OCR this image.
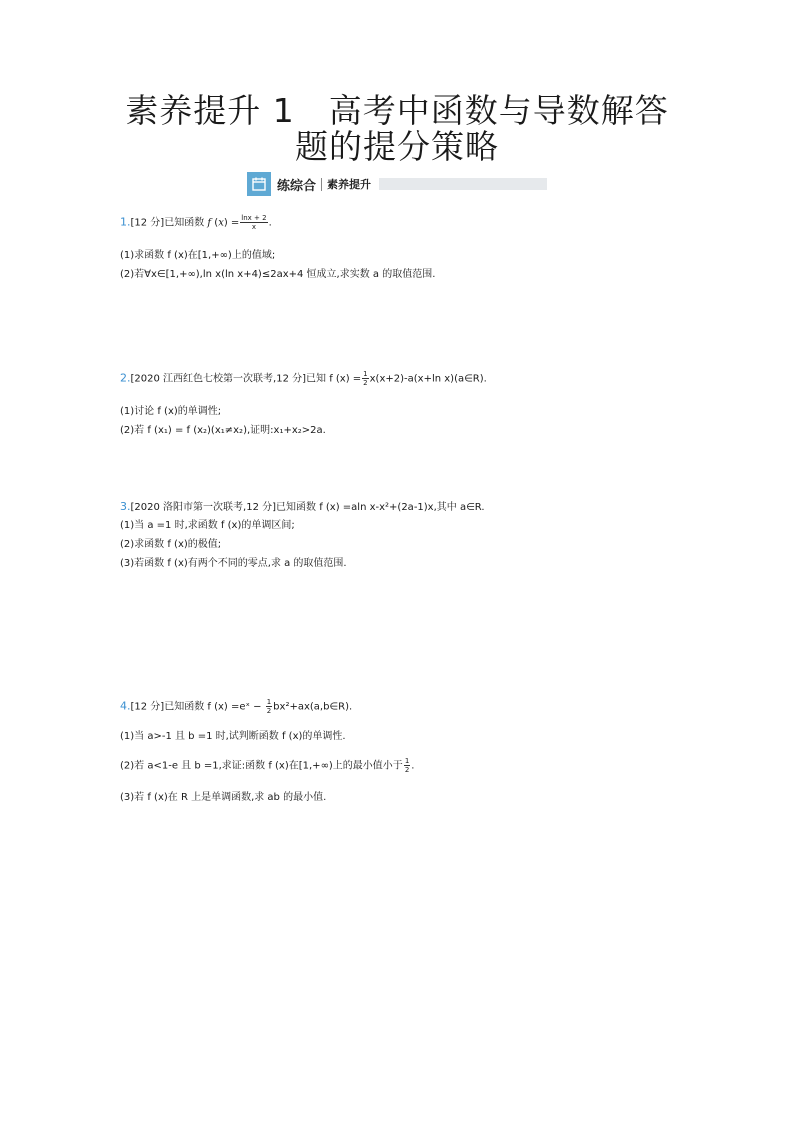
素养提升 1　高考中函数与导数解答
题的提分策略
练综合 素养提升
1.[12 分]已知函数 f $(x) = \frac{\ln x + 2}{x}$ .
(1)求函数 f (x)在[1,+∞)上的值域;
(2)若∀x∈[1,+∞),ln x(ln x+4)≤2ax+4 恒成立,求实数 a 的取值范围.
2.[2020 江西红色七校第一次联考,12 分]已知 f $(x) = \frac{1}{2} x(x+2)-a(x+\ln$ x)(a∈R).
(1)讨论 f (x)的单调性;
(2)若 f (x₁) = f (x₂)(x₁≠x₂),证明:x₁+x₂>2a.
3.[2020 洛阳市第一次联考,12 分]已知函数 f (x) =aln x-x²+(2a-1)x,其中 a∈R.
(1)当 a =1 时,求函数 f (x)的单调区间;
(2)求函数 f (x)的极值;
(3)若函数 f (x)有两个不同的零点,求 a 的取值范围.
4.[12 分]已知函数 f (x) =eˣ − $\frac{1}{2}$ bx²+ax(a,b∈R).
(1)当 a>-1 且 b =1 时,试判断函数 f (x)的单调性.
(2)若 a<1-e 且 b =1,求证:函数 f (x)在[1,+∞)上的最小值小于 $\frac{1}{2}$ .
(3)若 f (x)在 R 上是单调函数,求 ab 的最小值.
